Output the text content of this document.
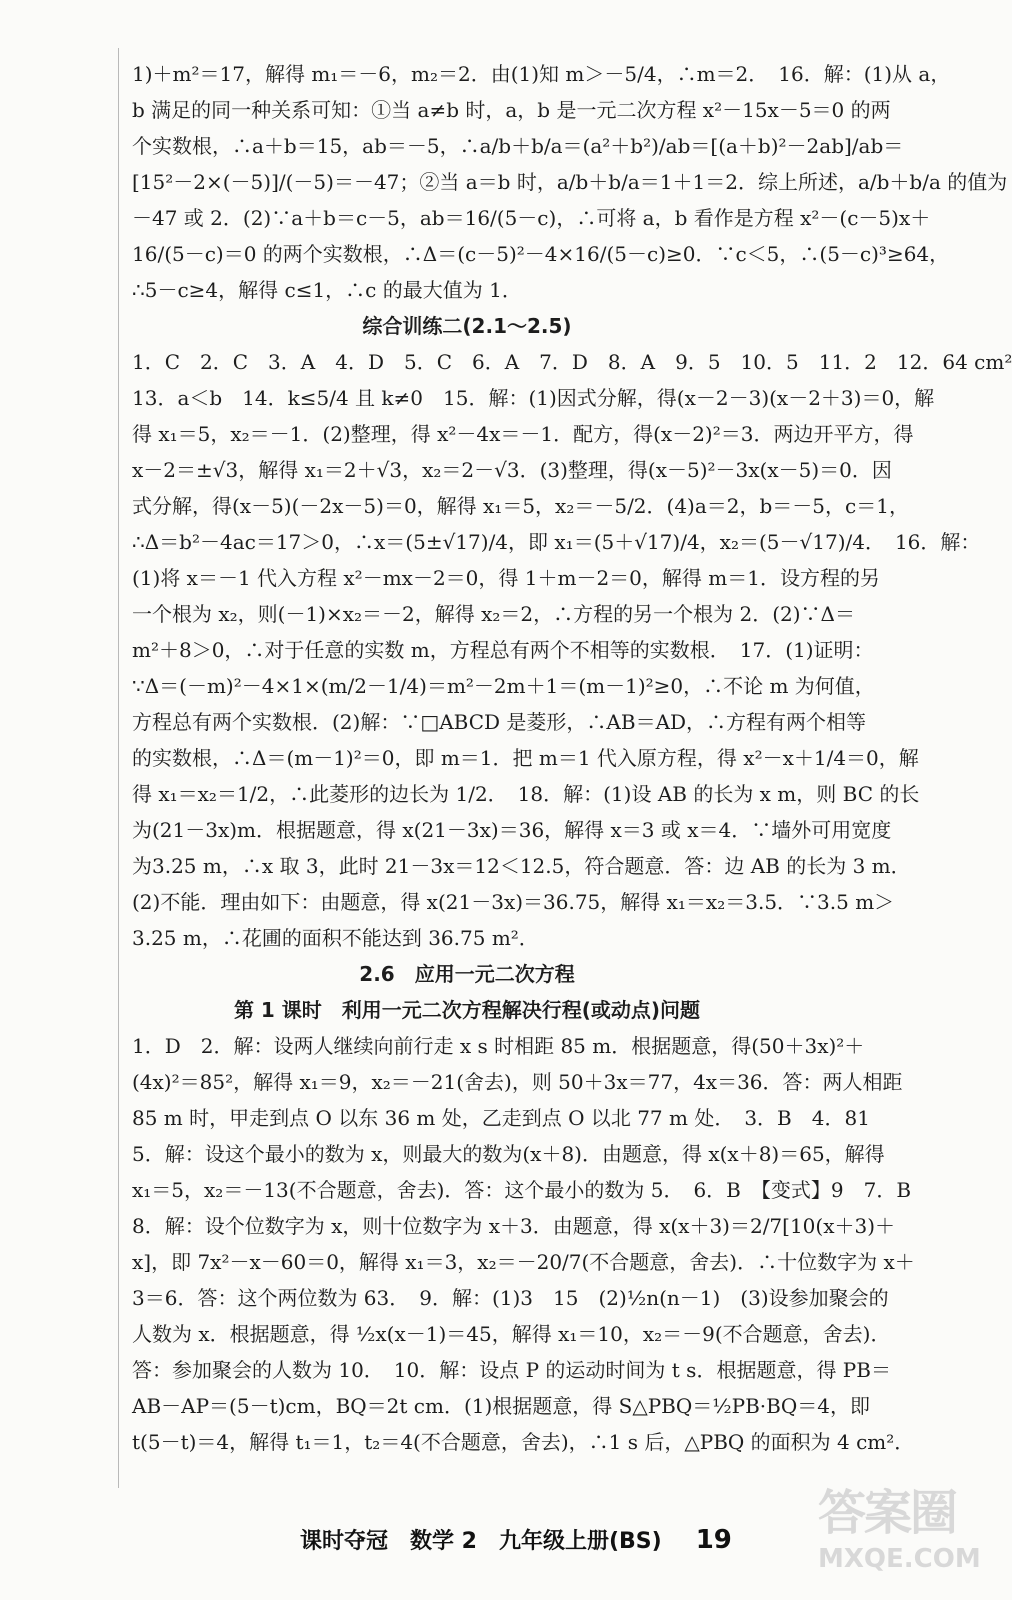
1)＋m²＝17，解得 m₁＝－6，m₂＝2．由(1)知 m＞－5/4，∴m＝2．　16．解：(1)从 a，
b 满足的同一种关系可知：①当 a≠b 时，a，b 是一元二次方程 x²－15x－5＝0 的两
个实数根，∴a＋b＝15，ab＝－5，∴a/b＋b/a＝(a²＋b²)/ab＝[(a＋b)²－2ab]/ab＝
[15²－2×(－5)]/(－5)＝－47；②当 a＝b 时，a/b＋b/a＝1＋1＝2．综上所述，a/b＋b/a 的值为
－47 或 2．(2)∵a＋b＝c－5，ab＝16/(5－c)，∴可将 a，b 看作是方程 x²－(c－5)x＋
16/(5－c)＝0 的两个实数根，∴Δ＝(c－5)²－4×16/(5－c)≥0．∵c＜5，∴(5－c)³≥64，
∴5－c≥4，解得 c≤1，∴c 的最大值为 1．
综合训练二(2.1～2.5)
1．C　2．C　3．A　4．D　5．C　6．A　7．D　8．A　9．5　10．5　11．2　12．64 cm²
13．a＜b　14．k≤5/4 且 k≠0　15．解：(1)因式分解，得(x－2－3)(x－2＋3)＝0，解
得 x₁＝5，x₂＝－1．(2)整理，得 x²－4x＝－1．配方，得(x－2)²＝3．两边开平方，得
x－2＝±√3，解得 x₁＝2＋√3，x₂＝2－√3．(3)整理，得(x－5)²－3x(x－5)＝0．因
式分解，得(x－5)(－2x－5)＝0，解得 x₁＝5，x₂＝－5/2．(4)a＝2，b＝－5，c＝1，
∴Δ＝b²－4ac＝17＞0，∴x＝(5±√17)/4，即 x₁＝(5＋√17)/4，x₂＝(5－√17)/4．　16．解：
(1)将 x＝－1 代入方程 x²－mx－2＝0，得 1＋m－2＝0，解得 m＝1．设方程的另
一个根为 x₂，则(－1)×x₂＝－2，解得 x₂＝2，∴方程的另一个根为 2．(2)∵Δ＝
m²＋8＞0，∴对于任意的实数 m，方程总有两个不相等的实数根．　17．(1)证明：
∵Δ＝(－m)²－4×1×(m/2－1/4)＝m²－2m＋1＝(m－1)²≥0，∴不论 m 为何值，
方程总有两个实数根．(2)解：∵□ABCD 是菱形，∴AB＝AD，∴方程有两个相等
的实数根，∴Δ＝(m－1)²＝0，即 m＝1．把 m＝1 代入原方程，得 x²－x＋1/4＝0，解
得 x₁＝x₂＝1/2，∴此菱形的边长为 1/2．　18．解：(1)设 AB 的长为 x m，则 BC 的长
为(21－3x)m．根据题意，得 x(21－3x)＝36，解得 x＝3 或 x＝4．∵墙外可用宽度
为3.25 m，∴x 取 3，此时 21－3x＝12＜12.5，符合题意．答：边 AB 的长为 3 m．
(2)不能．理由如下：由题意，得 x(21－3x)＝36.75，解得 x₁＝x₂＝3.5．∵3.5 m＞
3.25 m，∴花圃的面积不能达到 36.75 m²．
2.6　应用一元二次方程
第 1 课时　利用一元二次方程解决行程(或动点)问题
1．D　2．解：设两人继续向前行走 x s 时相距 85 m．根据题意，得(50＋3x)²＋
(4x)²＝85²，解得 x₁＝9，x₂＝－21(舍去)，则 50＋3x＝77，4x＝36．答：两人相距
85 m 时，甲走到点 O 以东 36 m 处，乙走到点 O 以北 77 m 处．　3．B　4．81
5．解：设这个最小的数为 x，则最大的数为(x＋8)．由题意，得 x(x＋8)＝65，解得
x₁＝5，x₂＝－13(不合题意，舍去)．答：这个最小的数为 5．　6．B　【变式】9　7．B
8．解：设个位数字为 x，则十位数字为 x＋3．由题意，得 x(x＋3)＝2/7[10(x＋3)＋
x]，即 7x²－x－60＝0，解得 x₁＝3，x₂＝－20/7(不合题意，舍去)．∴十位数字为 x＋
3＝6．答：这个两位数为 63．　9．解：(1)3　15　(2)½n(n－1)　(3)设参加聚会的
人数为 x．根据题意，得 ½x(x－1)＝45，解得 x₁＝10，x₂＝－9(不合题意，舍去)．
答：参加聚会的人数为 10．　10．解：设点 P 的运动时间为 t s．根据题意，得 PB＝
AB－AP＝(5－t)cm，BQ＝2t cm．(1)根据题意，得 S△PBQ＝½PB·BQ＝4，即
t(5－t)＝4，解得 t₁＝1，t₂＝4(不合题意，舍去)，∴1 s 后，△PBQ 的面积为 4 cm²．
课时夺冠 数学 2 九年级上册(BS) 19 答案圈
MXQE.COM
